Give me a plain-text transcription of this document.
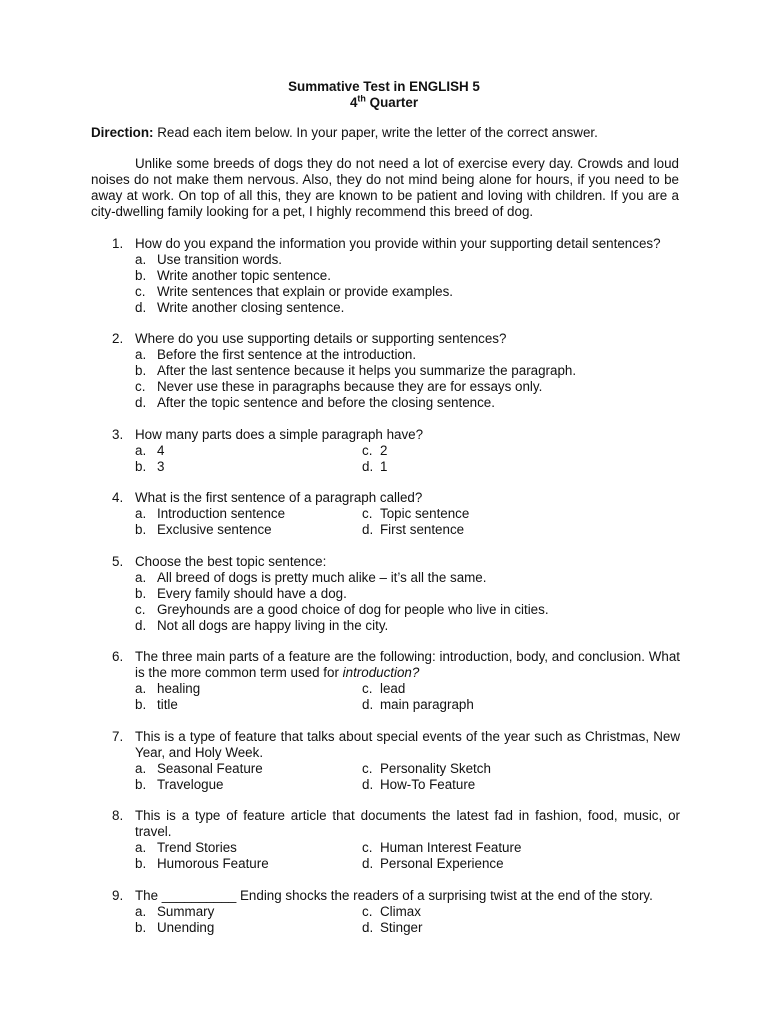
Summative Test in ENGLISH 5
4th Quarter
Direction: Read each item below. In your paper, write the letter of the correct answer.
Unlike some breeds of dogs they do not need a lot of exercise every day. Crowds and loud noises do not make them nervous. Also, they do not mind being alone for hours, if you need to be away at work. On top of all this, they are known to be patient and loving with children. If you are a city-dwelling family looking for a pet, I highly recommend this breed of dog.
1. How do you expand the information you provide within your supporting detail sentences?
a. Use transition words.
b. Write another topic sentence.
c. Write sentences that explain or provide examples.
d. Write another closing sentence.
2. Where do you use supporting details or supporting sentences?
a. Before the first sentence at the introduction.
b. After the last sentence because it helps you summarize the paragraph.
c. Never use these in paragraphs because they are for essays only.
d. After the topic sentence and before the closing sentence.
3. How many parts does a simple paragraph have?
a. 4	c. 2
b. 3	d. 1
4. What is the first sentence of a paragraph called?
a. Introduction sentence	c. Topic sentence
b. Exclusive sentence	d. First sentence
5. Choose the best topic sentence:
a. All breed of dogs is pretty much alike – it’s all the same.
b. Every family should have a dog.
c. Greyhounds are a good choice of dog for people who live in cities.
d. Not all dogs are happy living in the city.
6. The three main parts of a feature are the following: introduction, body, and conclusion. What is the more common term used for introduction?
a. healing	c. lead
b. title	d. main paragraph
7. This is a type of feature that talks about special events of the year such as Christmas, New Year, and Holy Week.
a. Seasonal Feature	c. Personality Sketch
b. Travelogue	d. How-To Feature
8. This is a type of feature article that documents the latest fad in fashion, food, music, or travel.
a. Trend Stories	c. Human Interest Feature
b. Humorous Feature	d. Personal Experience
9. The __________ Ending shocks the readers of a surprising twist at the end of the story.
a. Summary	c. Climax
b. Unending	d. Stinger
